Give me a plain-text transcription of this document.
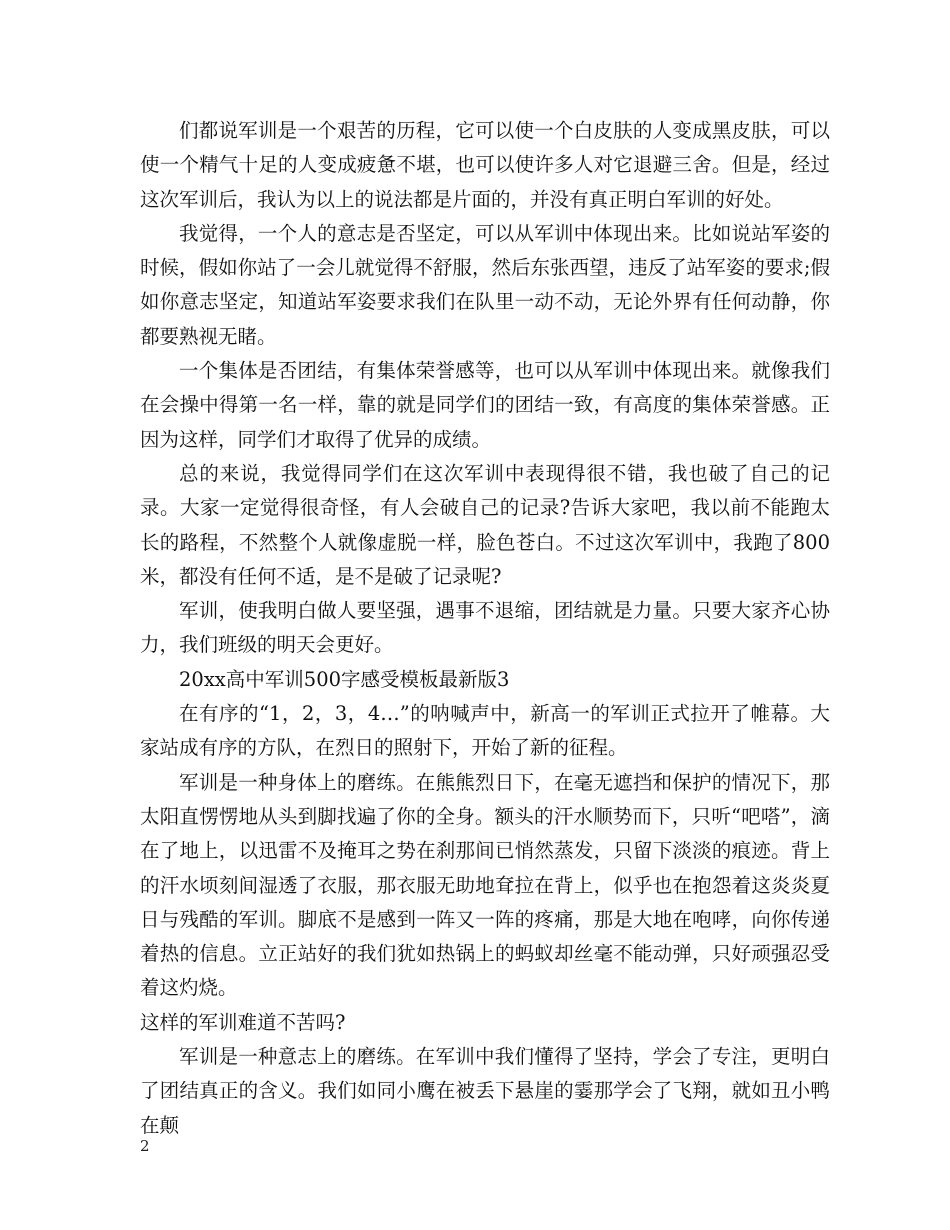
们都说军训是一个艰苦的历程，它可以使一个白皮肤的人变成黑皮肤，可以使一个精气十足的人变成疲惫不堪，也可以使许多人对它退避三舍。但是，经过这次军训后，我认为以上的说法都是片面的，并没有真正明白军训的好处。

我觉得，一个人的意志是否坚定，可以从军训中体现出来。比如说站军姿的时候，假如你站了一会儿就觉得不舒服，然后东张西望，违反了站军姿的要求;假如你意志坚定，知道站军姿要求我们在队里一动不动，无论外界有任何动静，你都要熟视无睹。

一个集体是否团结，有集体荣誉感等，也可以从军训中体现出来。就像我们在会操中得第一名一样，靠的就是同学们的团结一致，有高度的集体荣誉感。正因为这样，同学们才取得了优异的成绩。

总的来说，我觉得同学们在这次军训中表现得很不错，我也破了自己的记录。大家一定觉得很奇怪，有人会破自己的记录?告诉大家吧，我以前不能跑太长的路程，不然整个人就像虚脱一样，脸色苍白。不过这次军训中，我跑了800米，都没有任何不适，是不是破了记录呢?

军训，使我明白做人要坚强，遇事不退缩，团结就是力量。只要大家齐心协力，我们班级的明天会更好。

20xx高中军训500字感受模板最新版3

在有序的“1，2，3，4…”的呐喊声中，新高一的军训正式拉开了帷幕。大家站成有序的方队，在烈日的照射下，开始了新的征程。

军训是一种身体上的磨练。在熊熊烈日下，在毫无遮挡和保护的情况下，那太阳直愣愣地从头到脚找遍了你的全身。额头的汗水顺势而下，只听“吧嗒”，滴在了地上，以迅雷不及掩耳之势在刹那间已悄然蒸发，只留下淡淡的痕迹。背上的汗水顷刻间湿透了衣服，那衣服无助地耷拉在背上，似乎也在抱怨着这炎炎夏日与残酷的军训。脚底不是感到一阵又一阵的疼痛，那是大地在咆哮，向你传递着热的信息。立正站好的我们犹如热锅上的蚂蚁却丝毫不能动弹，只好顽强忍受着这灼烧。

这样的军训难道不苦吗?

军训是一种意志上的磨练。在军训中我们懂得了坚持，学会了专注，更明白了团结真正的含义。我们如同小鹰在被丢下悬崖的霎那学会了飞翔，就如丑小鸭在颠

2
